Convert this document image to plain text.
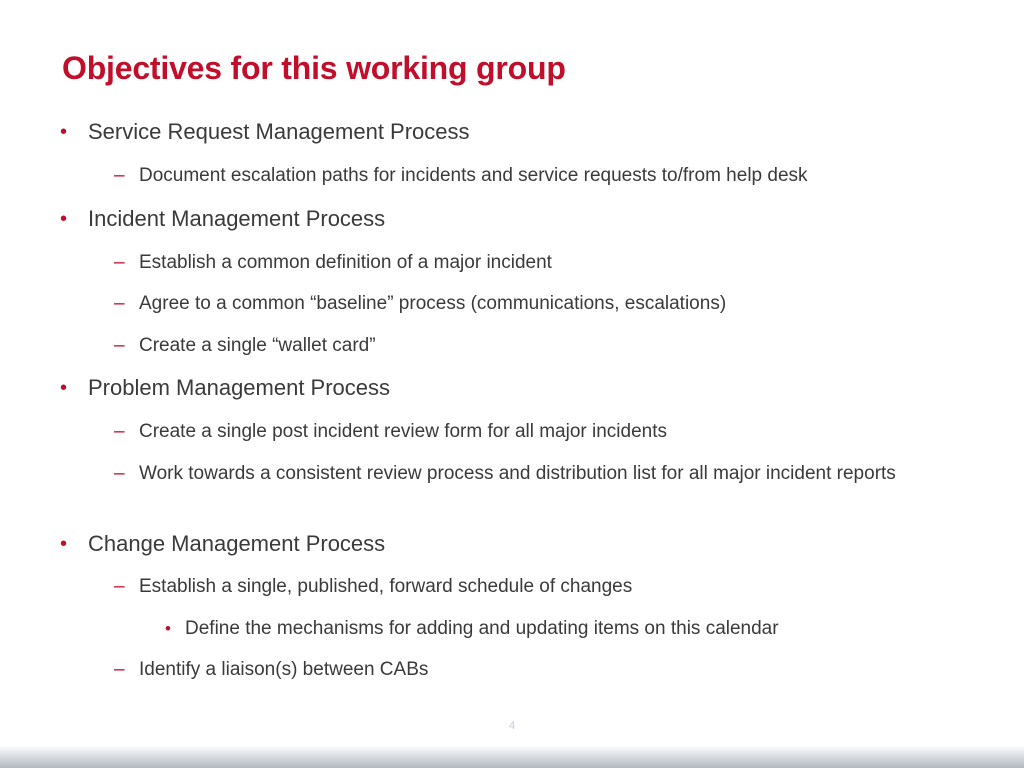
Objectives for this working group
• Service Request Management Process
– Document escalation paths for incidents and service requests to/from help desk
• Incident Management Process
– Establish a common definition of a major incident
– Agree to a common “baseline” process (communications, escalations)
– Create a single “wallet card”
• Problem Management Process
– Create a single post incident review form for all major incidents
– Work towards a consistent review process and distribution list for all major incident reports
• Change Management Process
– Establish a single, published, forward schedule of changes
• Define the mechanisms for adding and updating items on this calendar
– Identify a liaison(s) between CABs
4
